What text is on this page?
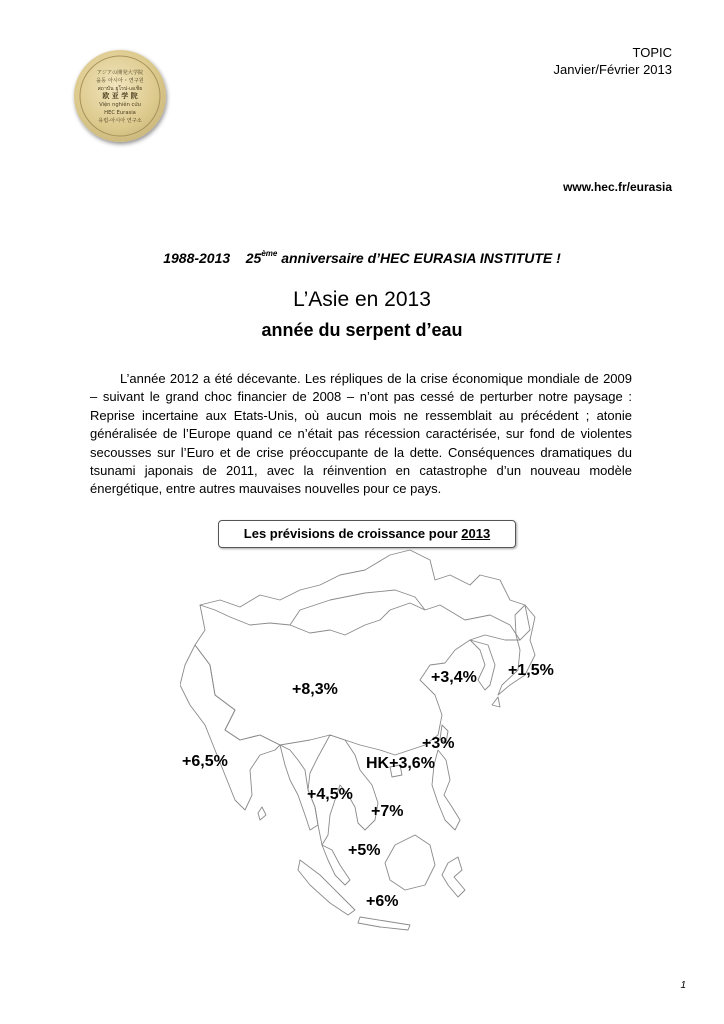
アジアの開発大学院
을동 아시아 ･ 연구원
สถาบัน ยูโรป-เอเชีย
欧 亚 学 院
Viện nghiên cứu
HEC Eurasia
유럽-아시아 연구소
TOPIC
Janvier/Février 2013
www.hec.fr/eurasia
1988-2013 25ème anniversaire d’HEC EURASIA INSTITUTE !
L’Asie en 2013
année du serpent d’eau
L’année 2012 a été décevante. Les répliques de la crise économique mondiale de 2009 – suivant le grand choc financier de 2008 – n’ont pas cessé de perturber notre paysage : Reprise incertaine aux Etats-Unis, où aucun mois ne ressemblait au précédent ; atonie généralisée de l’Europe quand ce n’était pas récession caractérisée, sur fond de violentes secousses sur l’Euro et de crise préoccupante de la dette. Conséquences dramatiques du tsunami japonais de 2011, avec la réinvention en catastrophe d’un nouveau modèle énergétique, entre autres mauvaises nouvelles pour ce pays.
Les prévisions de croissance pour 2013
+8,3%
+3,4% +1,5%
+3%
HK+3,6%
+6,5%
+4,5%
+7%
+5%
+6%
1
